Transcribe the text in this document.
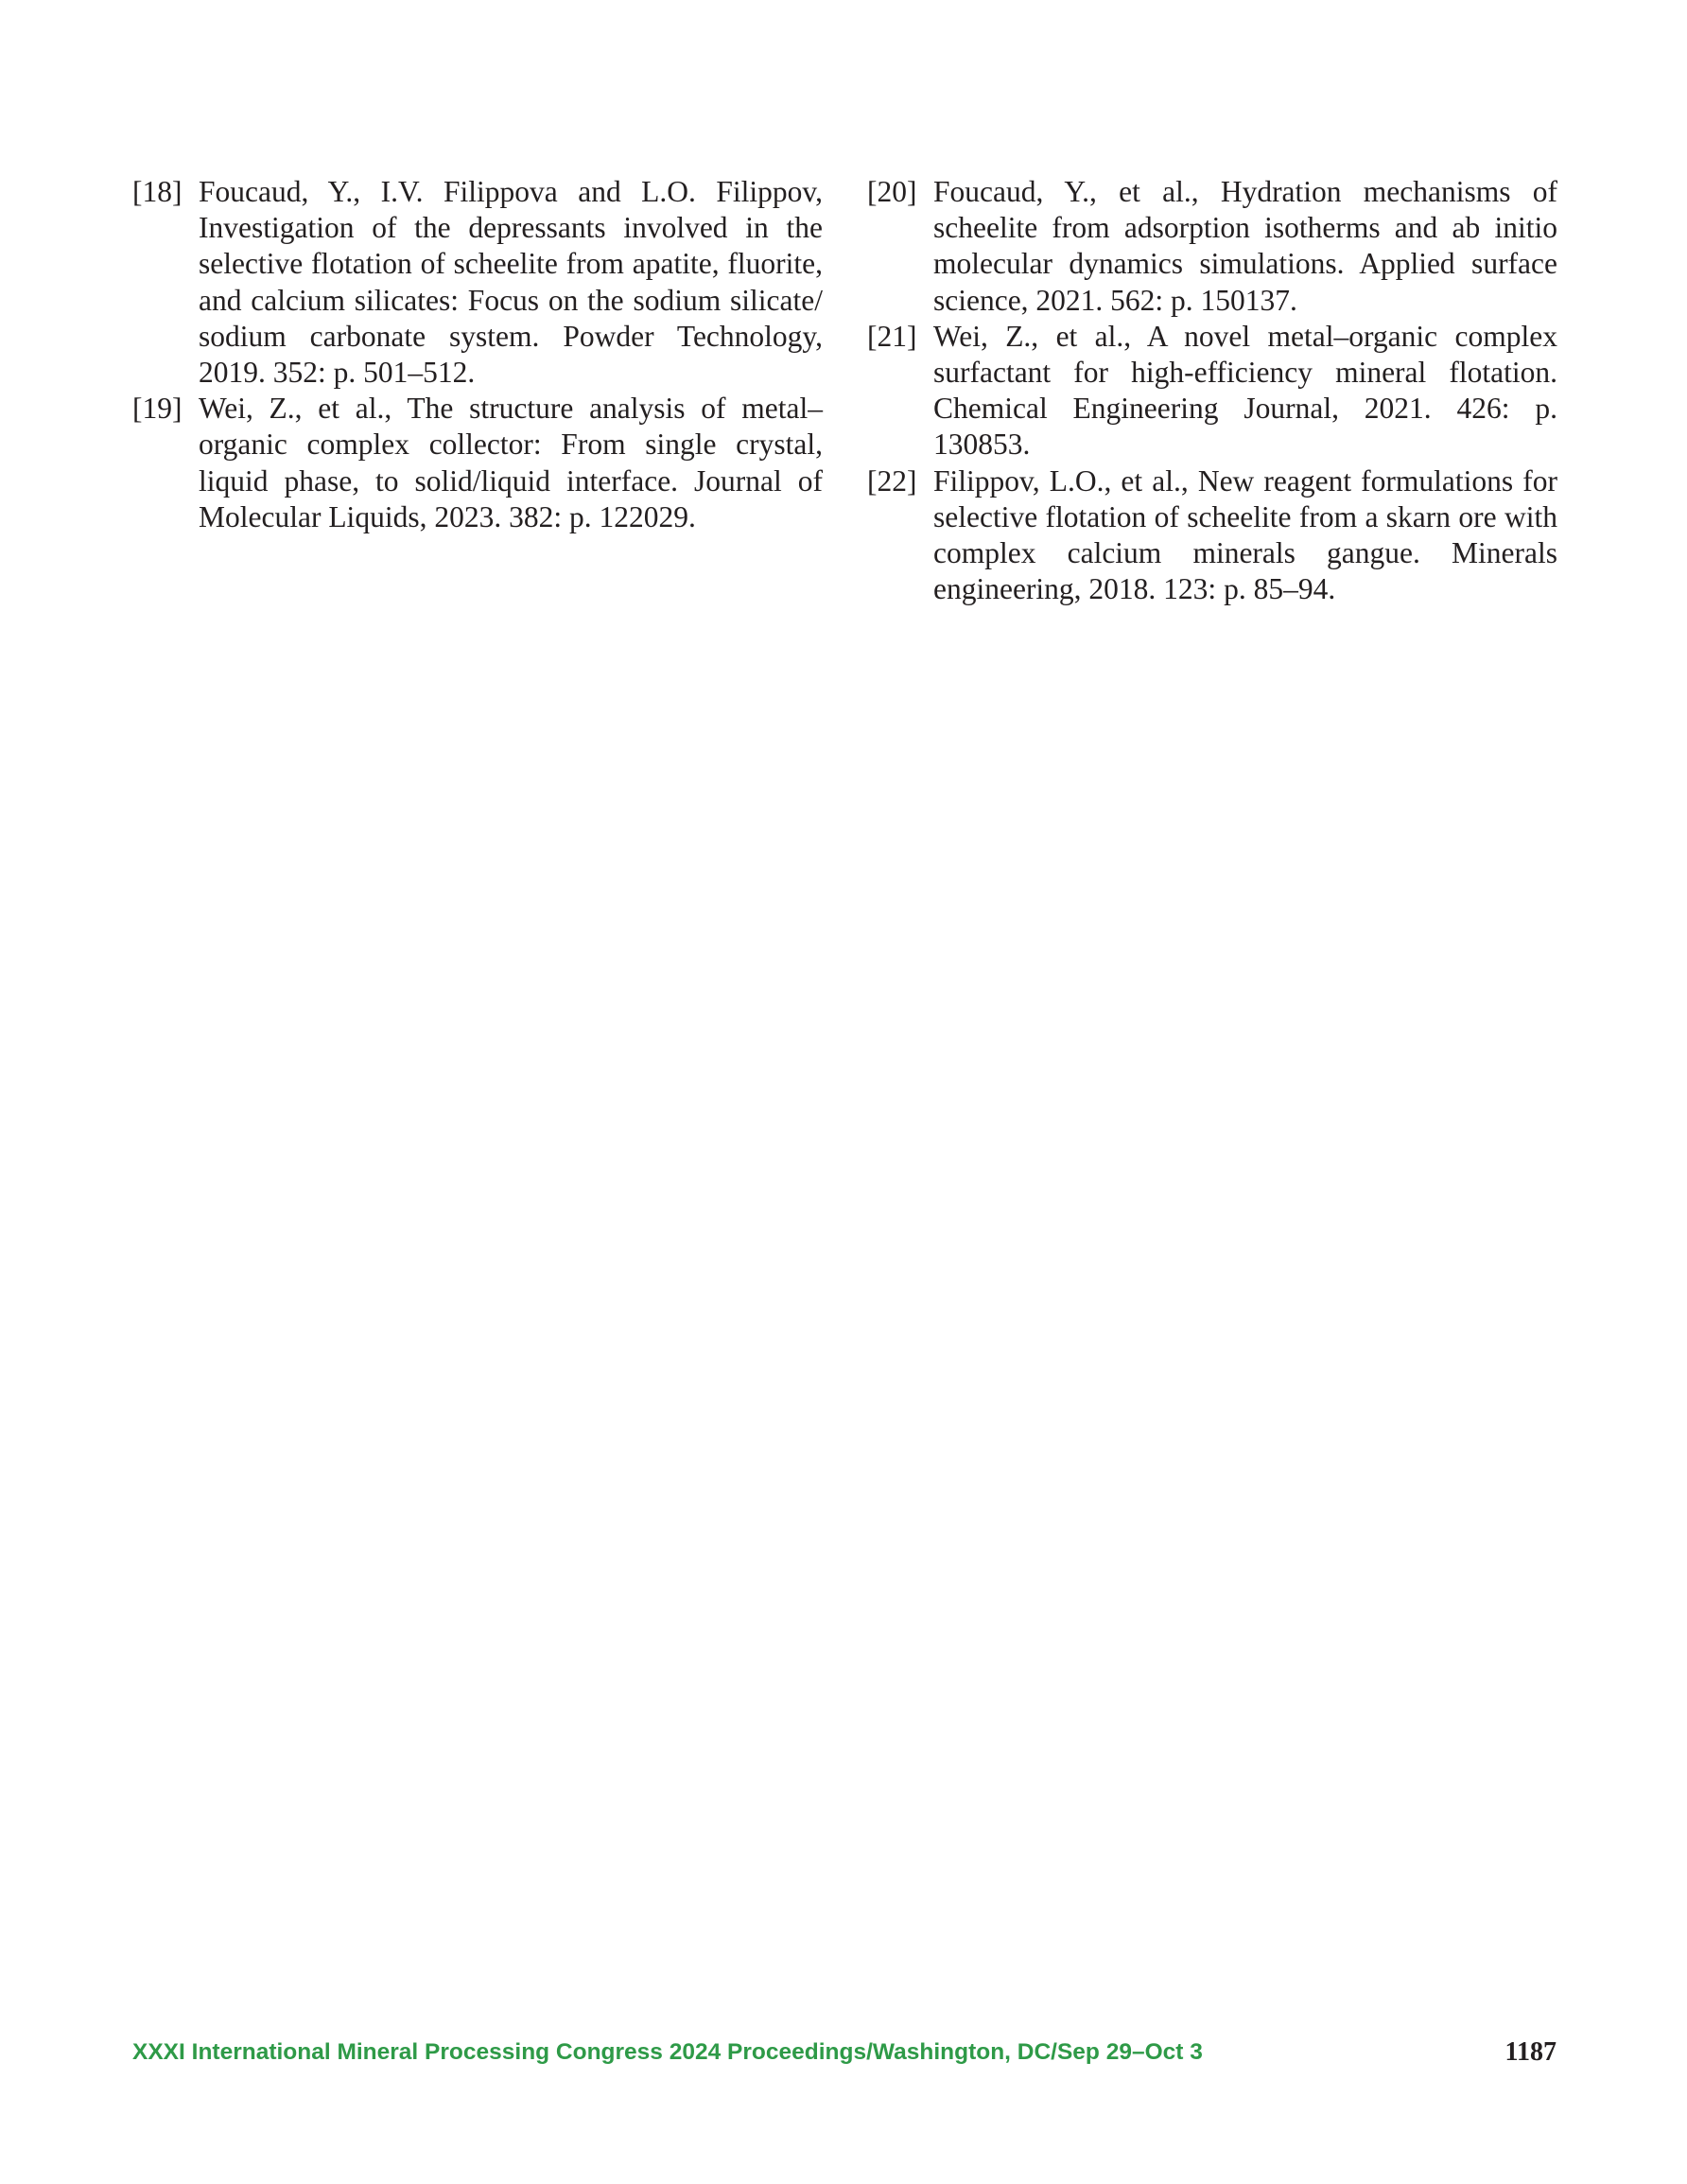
[18] Foucaud, Y., I.V. Filippova and L.O. Filippov, Investigation of the depressants involved in the selective flotation of scheelite from apatite, fluorite, and calcium silicates: Focus on the sodium silicate/ sodium carbonate system. Powder Technology, 2019. 352: p. 501–512.
[19] Wei, Z., et al., The structure analysis of metal– organic complex collector: From single crystal, liquid phase, to solid/liquid interface. Journal of Molecular Liquids, 2023. 382: p. 122029.
[20] Foucaud, Y., et al., Hydration mechanisms of scheelite from adsorption isotherms and ab initio molecular dynamics simulations. Applied surface science, 2021. 562: p. 150137.
[21] Wei, Z., et al., A novel metal–organic complex surfactant for high-efficiency mineral flotation. Chemical Engineering Journal, 2021. 426: p. 130853.
[22] Filippov, L.O., et al., New reagent formulations for selective flotation of scheelite from a skarn ore with complex calcium minerals gangue. Minerals engineering, 2018. 123: p. 85–94.
XXXI International Mineral Processing Congress 2024 Proceedings/Washington, DC/Sep 29–Oct 3	1187
